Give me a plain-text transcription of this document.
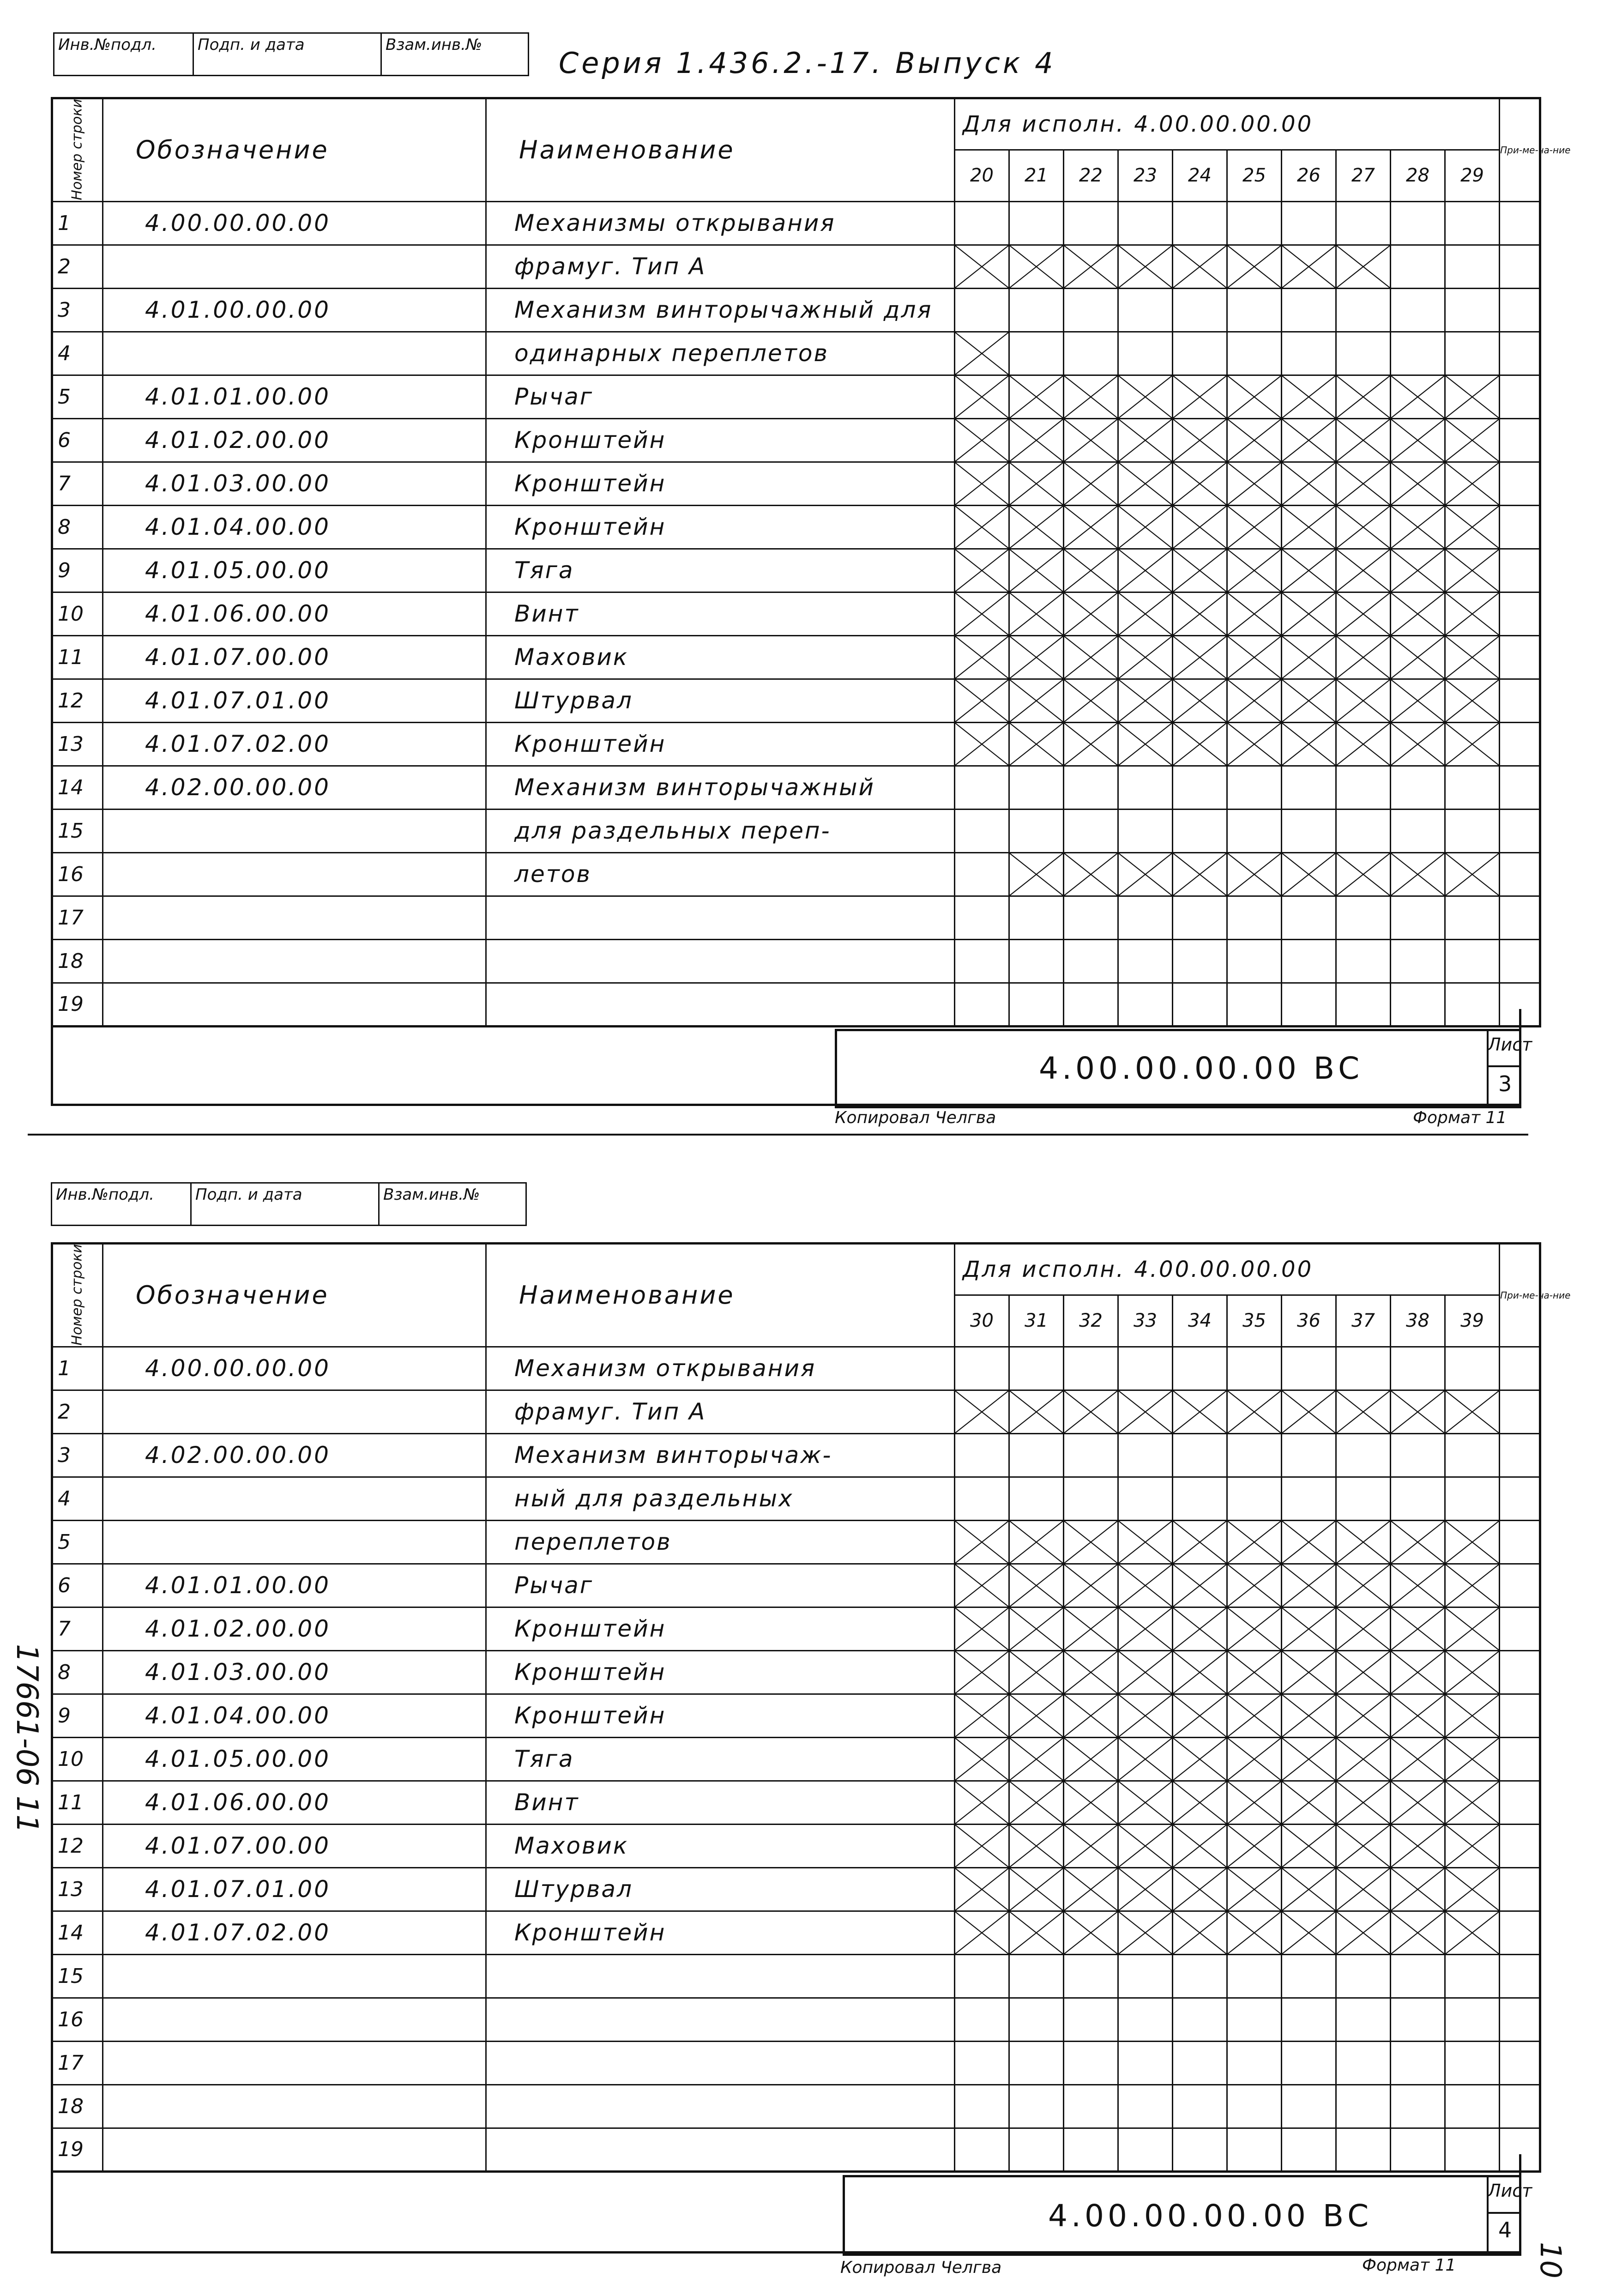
Инв.№подл.	Подп. и дата	Взам.инв.№
Серия 1.436.2.-17. Выпуск 4
Номер строки	Обозначение	Наименование	Для исполн. 4.00.00.00.00										При-ме-ча-ние
			20	21	22	23	24	25	26	27	28	29	
1	4.00.00.00.00	Механизмы открывания											
2		фрамуг. Тип А	

3	4.01.00.00.00	Механизм винторычажный для											
4		одинарных переплетов	

5	4.01.01.00.00	Рычаг	

6	4.01.02.00.00	Кронштейн	

7	4.01.03.00.00	Кронштейн	

8	4.01.04.00.00	Кронштейн	

9	4.01.05.00.00	Тяга	

10	4.01.06.00.00	Винт	

11	4.01.07.00.00	Маховик	

12	4.01.07.01.00	Штурвал	

13	4.01.07.02.00	Кронштейн	

14	4.02.00.00.00	Механизм винторычажный											
15		для раздельных переп-											
16		летов		

17													
18													
19													
4.00.00.00.00 ВС
Лист
3
Копировал Челгва	Формат 11
Инв.№подл.	Подп. и дата	Взам.инв.№
Номер строки	Обозначение	Наименование	Для исполн. 4.00.00.00.00										При-ме-ча-ние
			30	31	32	33	34	35	36	37	38	39	
1	4.00.00.00.00	Механизм открывания											
2		фрамуг. Тип А	

3	4.02.00.00.00	Механизм винторычаж-											
4		ный для раздельных											
5		переплетов	

6	4.01.01.00.00	Рычаг	

7	4.01.02.00.00	Кронштейн	

8	4.01.03.00.00	Кронштейн	

9	4.01.04.00.00	Кронштейн	

10	4.01.05.00.00	Тяга	

11	4.01.06.00.00	Винт	

12	4.01.07.00.00	Маховик	

13	4.01.07.01.00	Штурвал	

14	4.01.07.02.00	Кронштейн	

15													
16													
17													
18													
19													
4.00.00.00.00 ВС
Лист
4
Копировал Челгва	Формат 11
17661-06 11
10
